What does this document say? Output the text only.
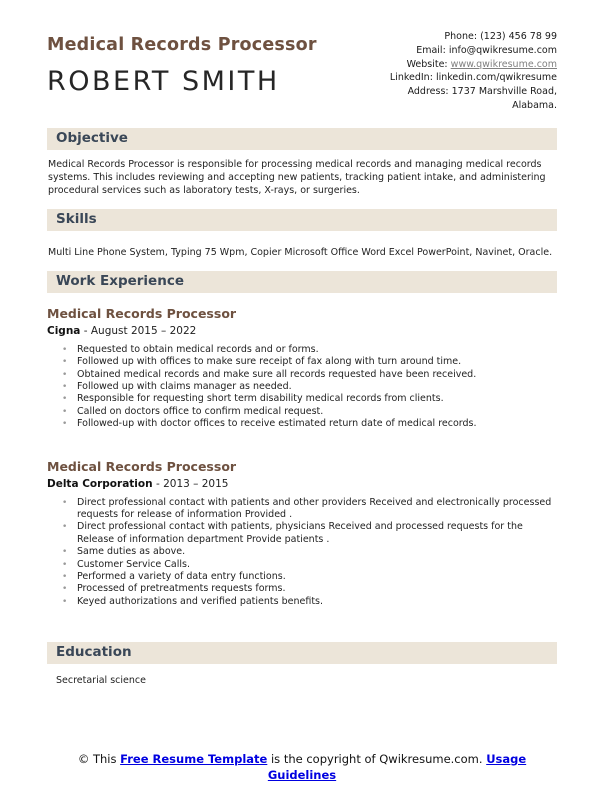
Medical Records Processor
ROBERT SMITH
Phone: (123) 456 78 99
Email: info@qwikresume.com
Website: www.qwikresume.com
LinkedIn: linkedin.com/qwikresume
Address: 1737 Marshville Road, Alabama.
Objective
Medical Records Processor is responsible for processing medical records and managing medical records systems. This includes reviewing and accepting new patients, tracking patient intake, and administering procedural services such as laboratory tests, X-rays, or surgeries.
Skills
Multi Line Phone System, Typing 75 Wpm, Copier Microsoft Office Word Excel PowerPoint, Navinet, Oracle.
Work Experience
Medical Records Processor
Cigna - August 2015 – 2022
• Requested to obtain medical records and or forms.
• Followed up with offices to make sure receipt of fax along with turn around time.
• Obtained medical records and make sure all records requested have been received.
• Followed up with claims manager as needed.
• Responsible for requesting short term disability medical records from clients.
• Called on doctors office to confirm medical request.
• Followed-up with doctor offices to receive estimated return date of medical records.
Medical Records Processor
Delta Corporation - 2013 – 2015
• Direct professional contact with patients and other providers Received and electronically processed requests for release of information Provided .
• Direct professional contact with patients, physicians Received and processed requests for the Release of information department Provide patients .
• Same duties as above.
• Customer Service Calls.
• Performed a variety of data entry functions.
• Processed of pretreatments requests forms.
• Keyed authorizations and verified patients benefits.
Education
Secretarial science
© This Free Resume Template is the copyright of Qwikresume.com. Usage Guidelines
